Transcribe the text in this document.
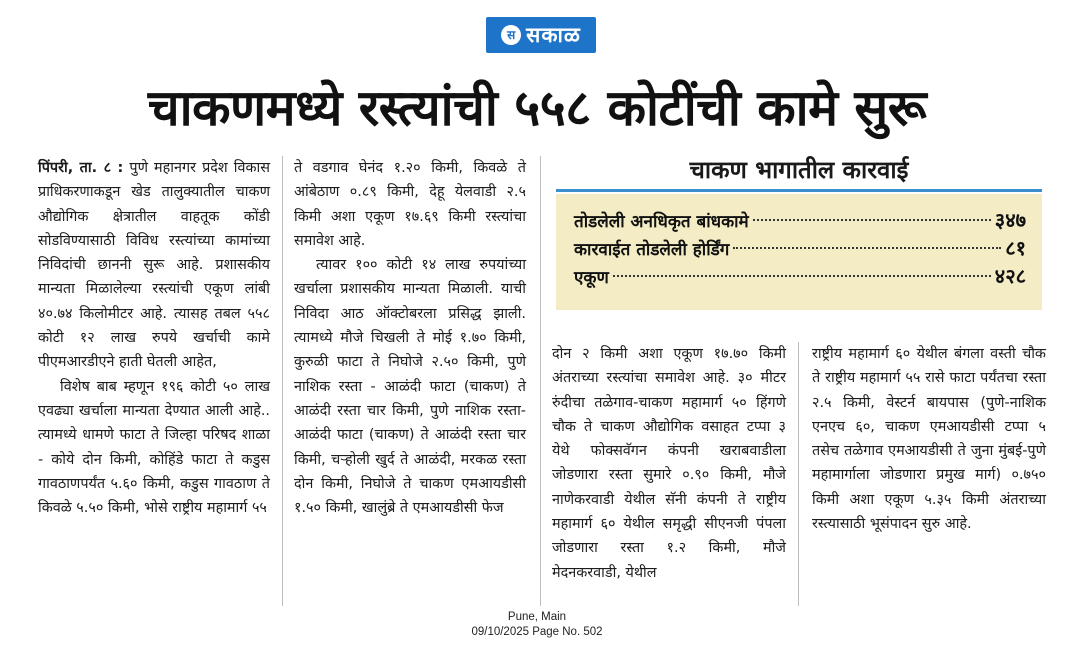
स सकाळ
चाकणमध्ये रस्त्यांची ५५८ कोटींची कामे सुरू

पिंपरी, ता. ८ : पुणे महानगर प्रदेश विकास प्राधिकरणाकडून खेड तालुक्यातील चाकण औद्योगिक क्षेत्रातील वाहतूक कोंडी सोडविण्यासाठी विविध रस्त्यांच्या कामांच्या निविदांची छाननी सुरू आहे. प्रशासकीय मान्यता मिळालेल्या रस्त्यांची एकूण लांबी ४०.७४ किलोमीटर आहे. त्यासह तबल ५५८ कोटी १२ लाख रुपये खर्चाची कामे पीएमआरडीएने हाती घेतली आहेत,

विशेष बाब म्हणून १९६ कोटी ५० लाख एवढ्या खर्चाला मान्यता देण्यात आली आहे.. त्यामध्ये धामणे फाटा ते जिल्हा परिषद शाळा - कोये दोन किमी, कोहिंडे फाटा ते कडुस गावठाणपर्यंत ५.६० किमी, कडुस गावठाण ते किवळे ५.५० किमी, भोसे राष्ट्रीय महामार्ग ५५

ते वडगाव घेनंद १.२० किमी, किवळे ते आंबेठाण ०.८९ किमी, देहू येलवाडी २.५ किमी अशा एकूण १७.६९ किमी रस्त्यांचा समावेश आहे.

त्यावर १०० कोटी १४ लाख रुपयांच्या खर्चाला प्रशासकीय मान्यता मिळाली. याची निविदा आठ ऑक्टोबरला प्रसिद्ध झाली. त्यामध्ये मौजे चिखली ते मोई १.७० किमी, कुरुळी फाटा ते निघोजे २.५० किमी, पुणे नाशिक रस्ता - आळंदी फाटा (चाकण) ते आळंदी रस्ता चार किमी, पुणे नाशिक रस्ता-आळंदी फाटा (चाकण) ते आळंदी रस्ता चार किमी, चऱ्होली खुर्द ते आळंदी, मरकळ रस्ता दोन किमी, निघोजे ते चाकण एमआयडीसी १.५० किमी, खालुंब्रे ते एमआयडीसी फेज

चाकण भागातील कारवाई
तोडलेली अनधिकृत बांधकामे	३४७
कारवाईत तोडलेली होर्डिंग	८१
एकूण	४२८

दोन २ किमी अशा एकूण १७.७० किमी अंतराच्या रस्त्यांचा समावेश आहे. ३० मीटर रुंदीचा तळेगाव-चाकण महामार्ग ५० हिंगणे चौक ते चाकण औद्योगिक वसाहत टप्पा ३ येथे फोक्सवॅगन कंपनी खराबवाडीला जोडणारा रस्ता सुमारे ०.९० किमी, मौजे नाणेकरवाडी येथील सॅनी कंपनी ते राष्ट्रीय महामार्ग ६० येथील समृद्धी सीएनजी पंपला जोडणारा रस्ता १.२ किमी, मौजे मेदनकरवाडी, येथील

राष्ट्रीय महामार्ग ६० येथील बंगला वस्ती चौक ते राष्ट्रीय महामार्ग ५५ रासे फाटा पर्यंतचा रस्ता २.५ किमी, वेस्टर्न बायपास (पुणे-नाशिक एनएच ६०, चाकण एमआयडीसी टप्पा ५ तसेच तळेगाव एमआयडीसी ते जुना मुंबई-पुणे महामार्गाला जोडणारा प्रमुख मार्ग) ०.७५० किमी अशा एकूण ५.३५ किमी अंतराच्या रस्त्यासाठी भूसंपादन सुरु आहे.

Pune, Main
09/10/2025 Page No. 502
